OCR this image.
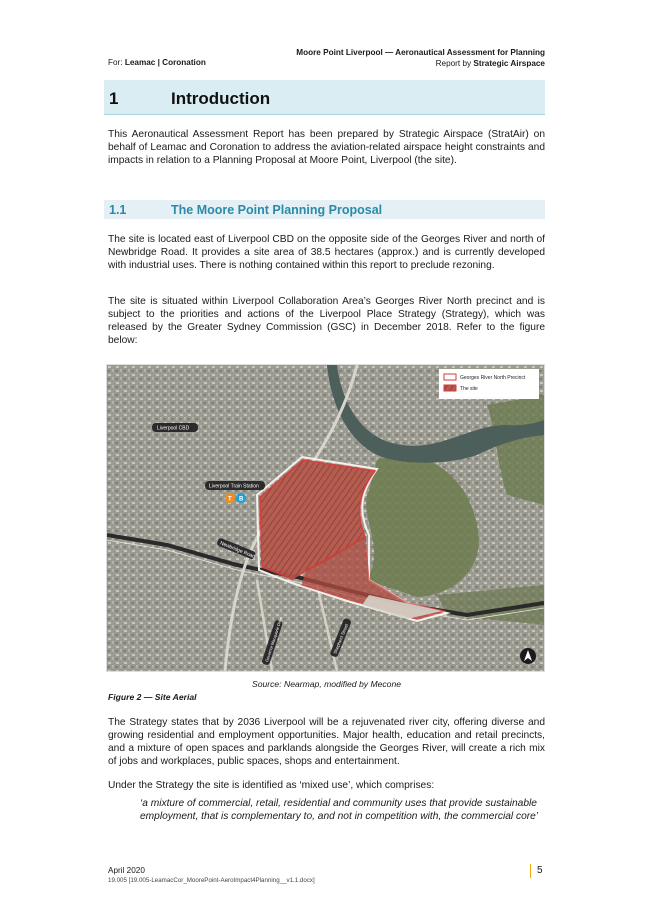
Moore Point Liverpool — Aeronautical Assessment for Planning
Report by Strategic Airspace
For: Leamac | Coronation
1	Introduction
This Aeronautical Assessment Report has been prepared by Strategic Airspace (StratAir) on behalf of Leamac and Coronation to address the aviation-related airspace height constraints and impacts in relation to a Planning Proposal at Moore Point, Liverpool (the site).
1.1	The Moore Point Planning Proposal
The site is located east of Liverpool CBD on the opposite side of the Georges River and north of Newbridge Road. It provides a site area of 38.5 hectares (approx.) and is currently developed with industrial uses. There is nothing contained within this report to preclude rezoning.
The site is situated within Liverpool Collaboration Area’s Georges River North precinct and is subject to the priorities and actions of the Liverpool Place Strategy (Strategy), which was released by the Greater Sydney Commission (GSC) in December 2018. Refer to the figure below:
Liverpool CBD
Liverpool Train Station
T B
Newbridge Road
Governor Macquarie Drive	Shepherd Street
Georges River North Precinct
The site
Source: Nearmap, modified by Mecone
Figure 2 — Site Aerial
The Strategy states that by 2036 Liverpool will be a rejuvenated river city, offering diverse and growing residential and employment opportunities. Major health, education and retail precincts, and a mixture of open spaces and parklands alongside the Georges River, will create a rich mix of jobs and workplaces, public spaces, shops and entertainment.
Under the Strategy the site is identified as ‘mixed use’, which comprises:
‘a mixture of commercial, retail, residential and community uses that provide sustainable employment, that is complementary to, and not in competition with, the commercial core’
April 2020
19.005 [19.005-LeamacCor_MoorePoint-AeroImpact4Planning__v1.1.docx]
5
